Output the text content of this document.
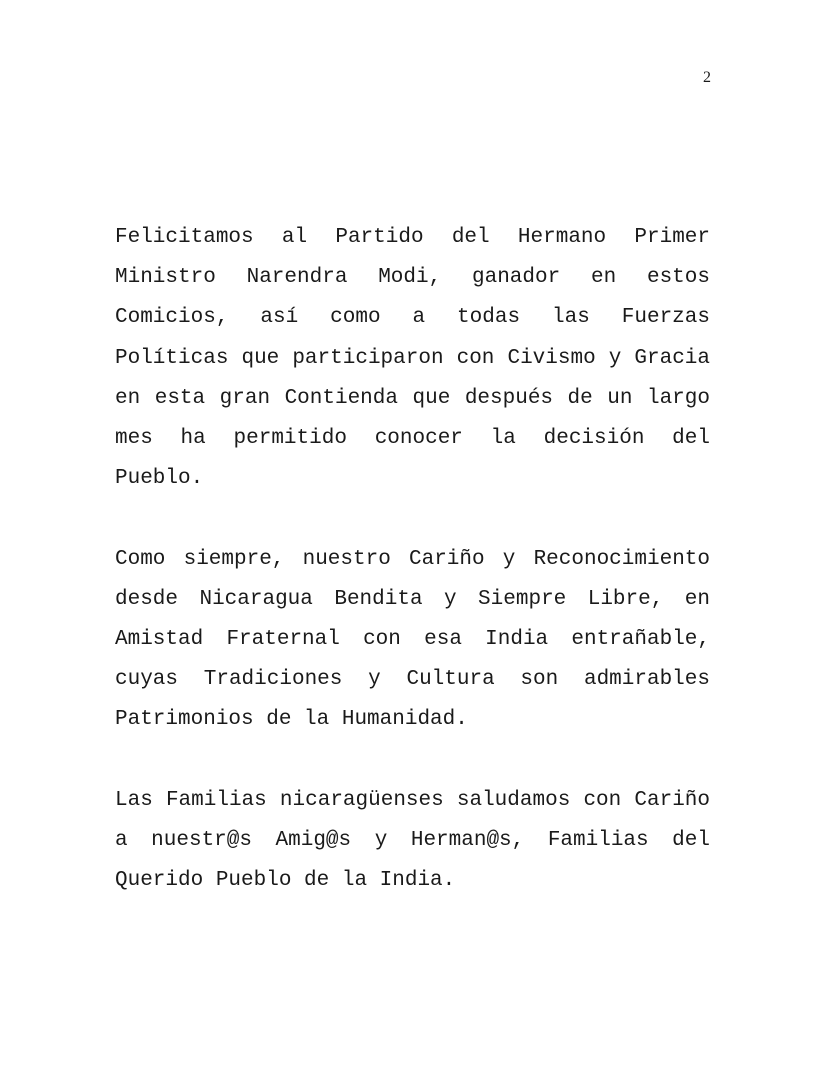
2

Felicitamos al Partido del Hermano Primer Ministro Narendra Modi, ganador en estos Comicios, así como a todas las Fuerzas Políticas que participaron con Civismo y Gracia en esta gran Contienda que después de un largo mes ha permitido conocer la decisión del Pueblo.

Como siempre, nuestro Cariño y Reconocimiento desde Nicaragua Bendita y Siempre Libre, en Amistad Fraternal con esa India entrañable, cuyas Tradiciones y Cultura son admirables Patrimonios de la Humanidad.

Las Familias nicaragüenses saludamos con Cariño a nuestr@s Amig@s y Herman@s, Familias del Querido Pueblo de la India.
